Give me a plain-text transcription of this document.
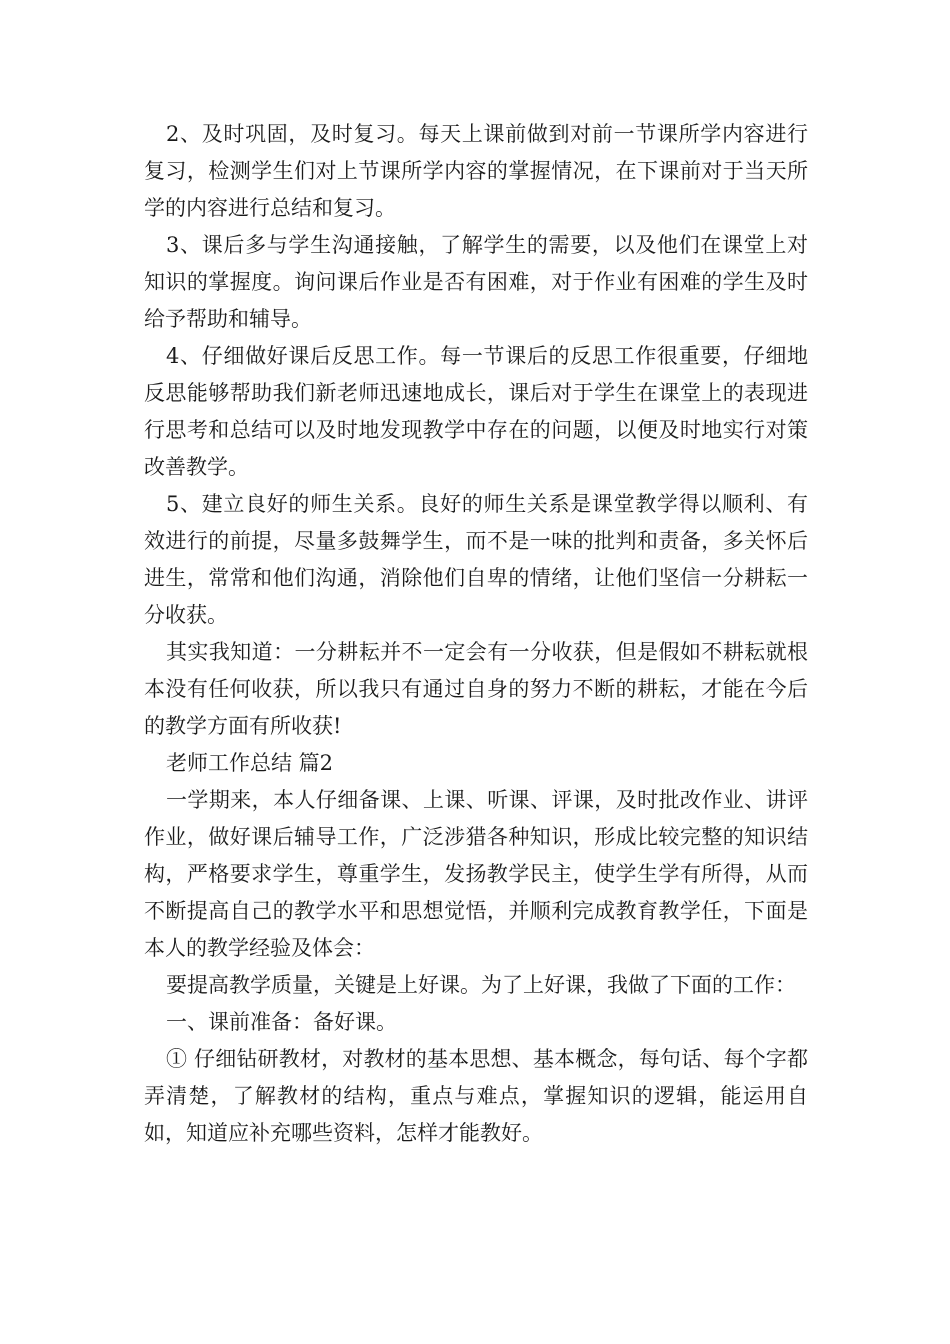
2、及时巩固，及时复习。每天上课前做到对前一节课所学内容进行复习，检测学生们对上节课所学内容的掌握情况，在下课前对于当天所学的内容进行总结和复习。

3、课后多与学生沟通接触，了解学生的需要，以及他们在课堂上对知识的掌握度。询问课后作业是否有困难，对于作业有困难的学生及时给予帮助和辅导。

4、仔细做好课后反思工作。每一节课后的反思工作很重要，仔细地反思能够帮助我们新老师迅速地成长，课后对于学生在课堂上的表现进行思考和总结可以及时地发现教学中存在的问题，以便及时地实行对策改善教学。

5、建立良好的师生关系。良好的师生关系是课堂教学得以顺利、有效进行的前提，尽量多鼓舞学生，而不是一味的批判和责备，多关怀后进生，常常和他们沟通，消除他们自卑的情绪，让他们坚信一分耕耘一分收获。

其实我知道：一分耕耘并不一定会有一分收获，但是假如不耕耘就根本没有任何收获，所以我只有通过自身的努力不断的耕耘，才能在今后的教学方面有所收获!

老师工作总结 篇2

一学期来，本人仔细备课、上课、听课、评课，及时批改作业、讲评作业，做好课后辅导工作，广泛涉猎各种知识，形成比较完整的知识结构，严格要求学生，尊重学生，发扬教学民主，使学生学有所得，从而不断提高自己的教学水平和思想觉悟，并顺利完成教育教学任，下面是本人的教学经验及体会：

要提高教学质量，关键是上好课。为了上好课，我做了下面的工作：

一、课前准备：备好课。

① 仔细钻研教材，对教材的基本思想、基本概念，每句话、每个字都弄清楚，了解教材的结构，重点与难点，掌握知识的逻辑，能运用自如，知道应补充哪些资料，怎样才能教好。
